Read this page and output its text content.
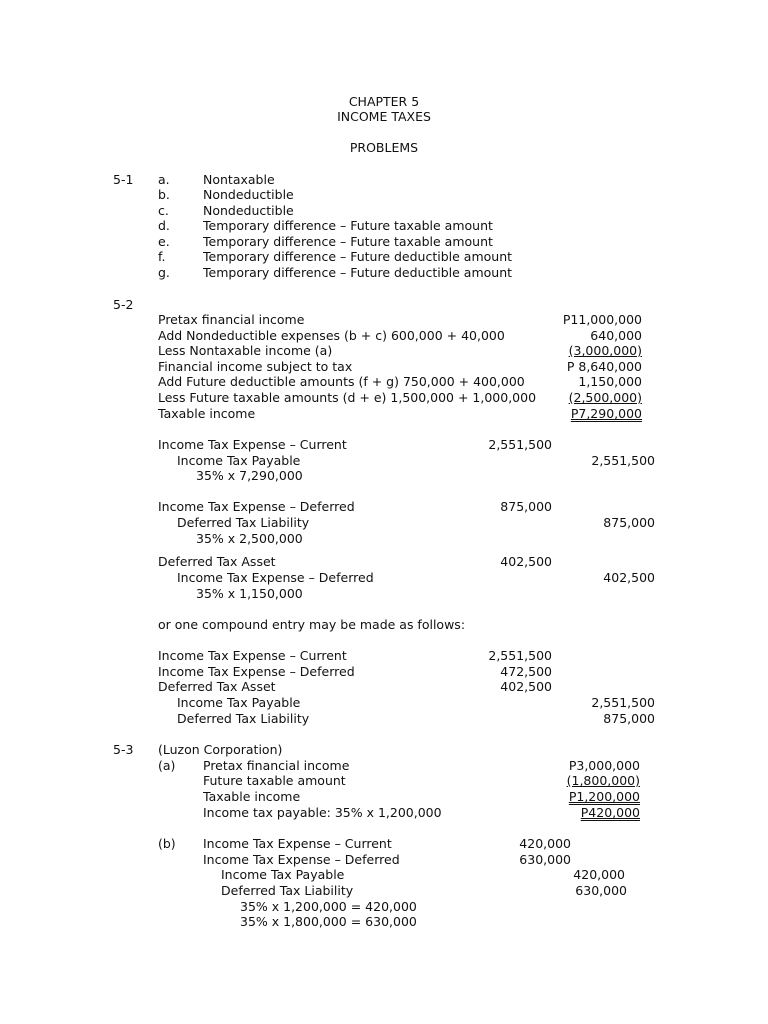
CHAPTER 5
INCOME TAXES
PROBLEMS
5-1 a.	Nontaxable
b.	Nondeductible
c.	Nondeductible
d.	Temporary difference – Future taxable amount
e.	Temporary difference – Future taxable amount
f.	Temporary difference – Future deductible amount
g.	Temporary difference – Future deductible amount
5-2
Pretax financial income	P11,000,000
Add Nondeductible expenses (b + c) 600,000 + 40,000	640,000
Less Nontaxable income (a)	(3,000,000)
Financial income subject to tax	P 8,640,000
Add Future deductible amounts (f + g) 750,000 + 400,000	1,150,000
Less Future taxable amounts (d + e) 1,500,000 + 1,000,000	(2,500,000)
Taxable income	P7,290,000
Income Tax Expense – Current	2,551,500
Income Tax Payable	2,551,500
35% x 7,290,000
Income Tax Expense – Deferred	875,000
Deferred Tax Liability	875,000
35% x 2,500,000
Deferred Tax Asset	402,500
Income Tax Expense – Deferred	402,500
35% x 1,150,000
or one compound entry may be made as follows:
Income Tax Expense – Current	2,551,500
Income Tax Expense – Deferred	472,500
Deferred Tax Asset	402,500
Income Tax Payable	2,551,500
Deferred Tax Liability	875,000
5-3 (Luzon Corporation)
(a) Pretax financial income	P3,000,000
Future taxable amount	(1,800,000)
Taxable income	P1,200,000
Income tax payable: 35% x 1,200,000	P420,000
(b) Income Tax Expense – Current	420,000
Income Tax Expense – Deferred	630,000
Income Tax Payable	420,000
Deferred Tax Liability	630,000
35% x 1,200,000 = 420,000
35% x 1,800,000 = 630,000
